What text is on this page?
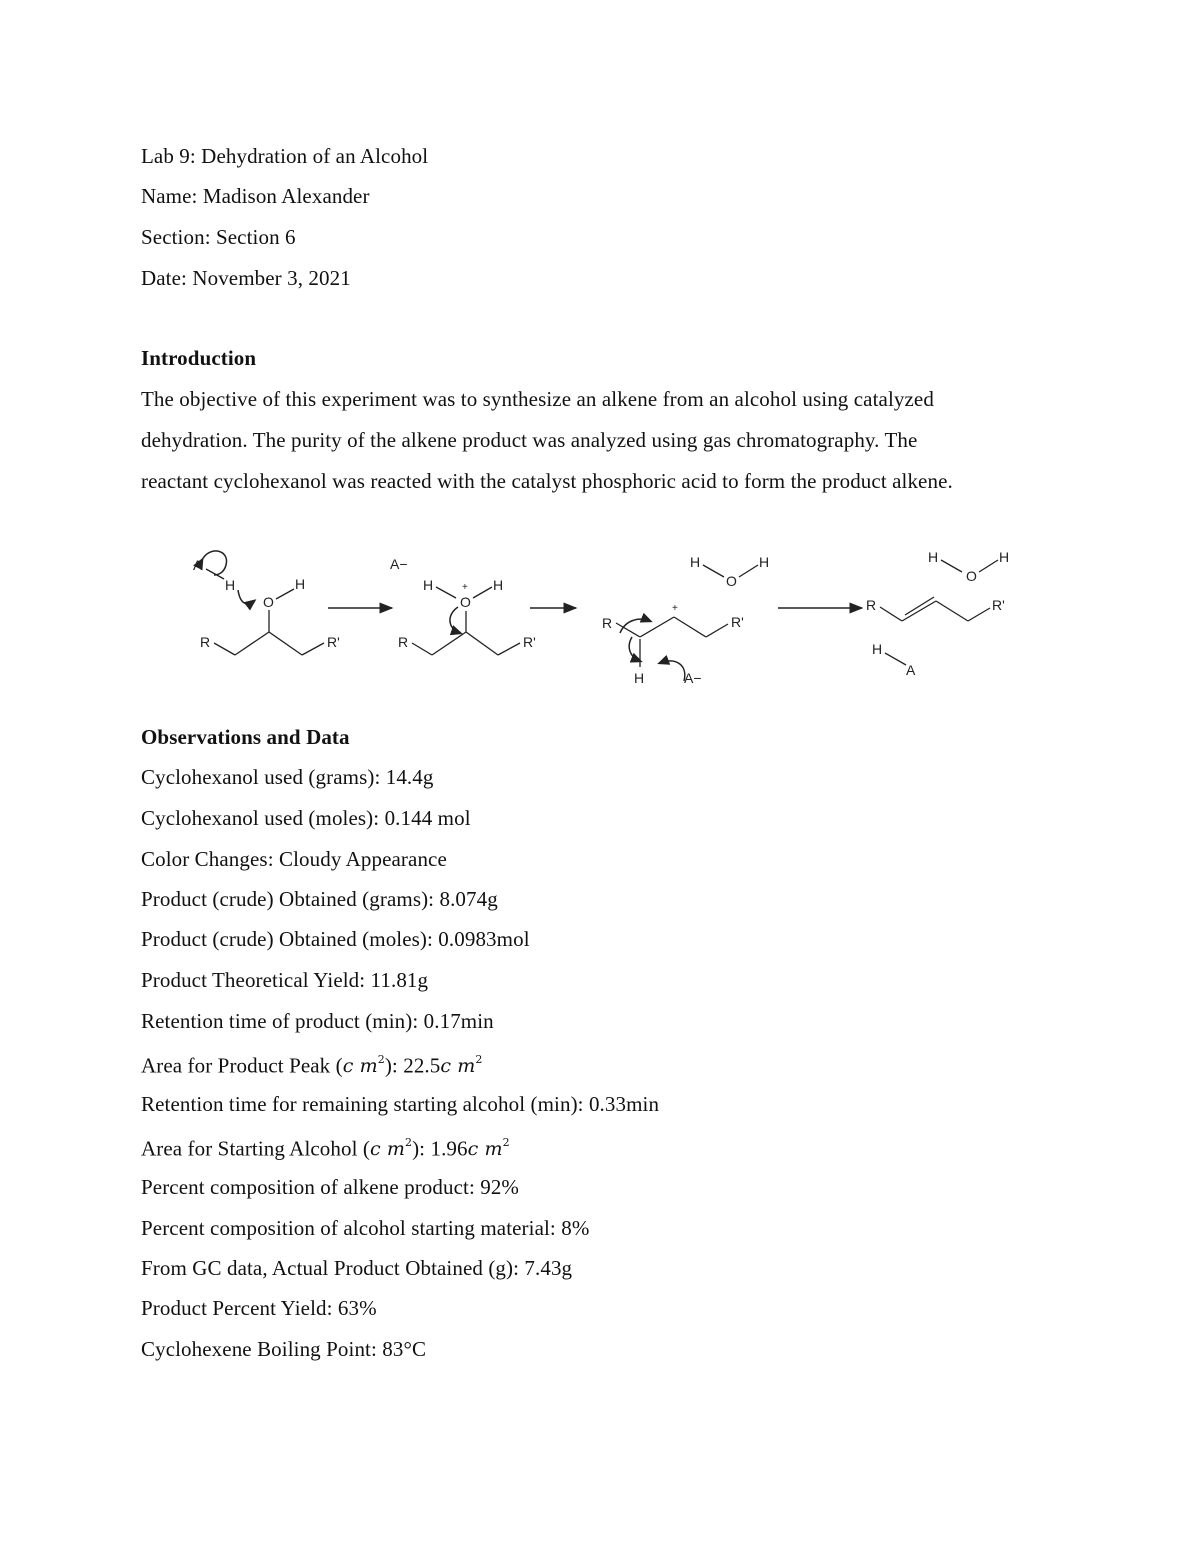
Lab 9: Dehydration of an Alcohol
Name: Madison Alexander
Section: Section 6
Date: November 3, 2021
Introduction
The objective of this experiment was to synthesize an alkene from an alcohol using catalyzed
dehydration. The purity of the alkene product was analyzed using gas chromatography. The
reactant cyclohexanol was reacted with the catalyst phosphoric acid to form the product alkene.
A
H
O
H
R	R'
A−
H	+
O
H
R	R'
H
O
H
R
+
R'
H	A−
H
O
H
R	R'
H
A
Observations and Data
Cyclohexanol used (grams): 14.4g
Cyclohexanol used (moles): 0.144 mol
Color Changes: Cloudy Appearance
Product (crude) Obtained (grams): 8.074g
Product (crude) Obtained (moles): 0.0983mol
Product Theoretical Yield: 11.81g
Retention time of product (min): 0.17min
Area for Product Peak (c $m^2$): 22.5c $m^2$
Retention time for remaining starting alcohol (min): 0.33min
Area for Starting Alcohol (c $m^2$): 1.96c $m^2$
Percent composition of alkene product: 92%
Percent composition of alcohol starting material: 8%
From GC data, Actual Product Obtained (g): 7.43g
Product Percent Yield: 63%
Cyclohexene Boiling Point: 83°C
